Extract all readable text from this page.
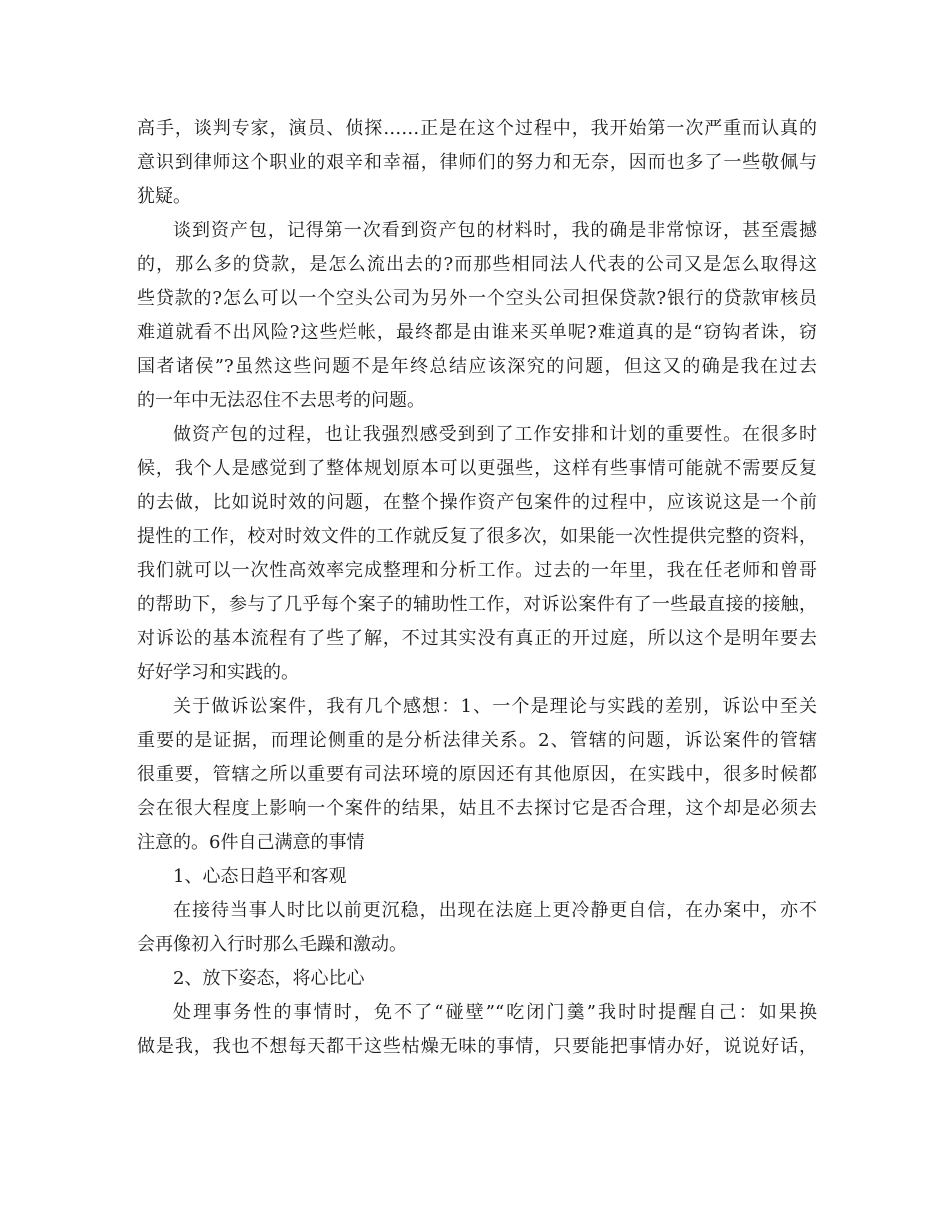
高手，谈判专家，演员、侦探……正是在这个过程中，我开始第一次严重而认真的
意识到律师这个职业的艰辛和幸福，律师们的努力和无奈，因而也多了一些敬佩与
犹疑。
谈到资产包，记得第一次看到资产包的材料时，我的确是非常惊讶，甚至震撼
的，那么多的贷款，是怎么流出去的?而那些相同法人代表的公司又是怎么取得这
些贷款的?怎么可以一个空头公司为另外一个空头公司担保贷款?银行的贷款审核员
难道就看不出风险?这些烂帐，最终都是由谁来买单呢?难道真的是“窃钩者诛，窃
国者诸侯”?虽然这些问题不是年终总结应该深究的问题，但这又的确是我在过去
的一年中无法忍住不去思考的问题。
做资产包的过程，也让我强烈感受到到了工作安排和计划的重要性。在很多时
候，我个人是感觉到了整体规划原本可以更强些，这样有些事情可能就不需要反复
的去做，比如说时效的问题，在整个操作资产包案件的过程中，应该说这是一个前
提性的工作，校对时效文件的工作就反复了很多次，如果能一次性提供完整的资料，
我们就可以一次性高效率完成整理和分析工作。过去的一年里，我在任老师和曾哥
的帮助下，参与了几乎每个案子的辅助性工作，对诉讼案件有了一些最直接的接触，
对诉讼的基本流程有了些了解，不过其实没有真正的开过庭，所以这个是明年要去
好好学习和实践的。
关于做诉讼案件，我有几个感想：1、一个是理论与实践的差别，诉讼中至关
重要的是证据，而理论侧重的是分析法律关系。2、管辖的问题，诉讼案件的管辖
很重要，管辖之所以重要有司法环境的原因还有其他原因，在实践中，很多时候都
会在很大程度上影响一个案件的结果，姑且不去探讨它是否合理，这个却是必须去
注意的。6件自己满意的事情
1、心态日趋平和客观
在接待当事人时比以前更沉稳，出现在法庭上更冷静更自信，在办案中，亦不
会再像初入行时那么毛躁和激动。
2、放下姿态，将心比心
处理事务性的事情时，免不了“碰壁”“吃闭门羹”我时时提醒自己：如果换
做是我，我也不想每天都干这些枯燥无味的事情，只要能把事情办好，说说好话，
